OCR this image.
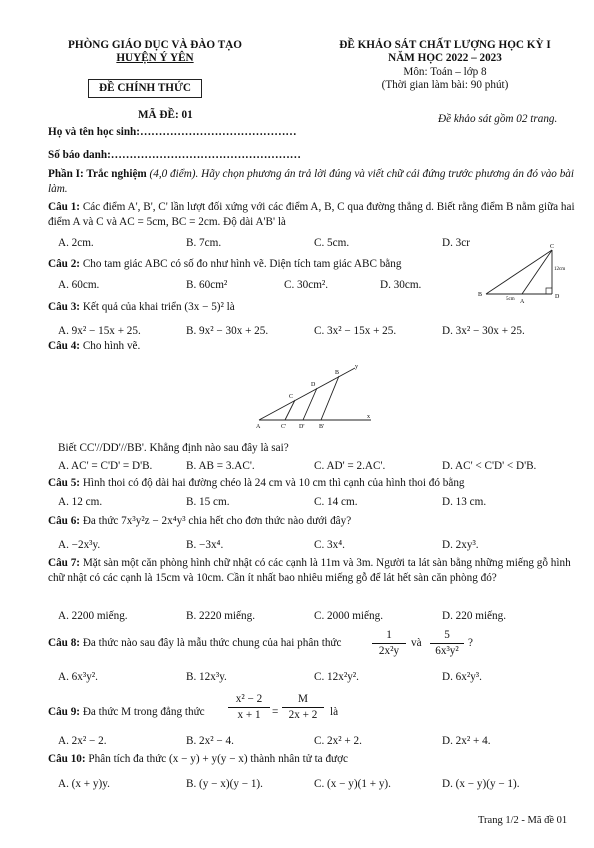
PHÒNG GIÁO DỤC VÀ ĐÀO TẠO
HUYỆN Ý YÊN
ĐỀ CHÍNH THỨC
ĐỀ KHẢO SÁT CHẤT LƯỢNG HỌC KỲ I
NĂM HỌC 2022 – 2023
Môn: Toán – lớp 8
(Thời gian làm bài: 90 phút)
MÃ ĐỀ: 01	Đề khảo sát gồm 02 trang.
Họ và tên học sinh:……………………………………
Số báo danh:……………………………………………
Phần I: Trắc nghiệm (4,0 điểm). Hãy chọn phương án trả lời đúng và viết chữ cái đứng trước phương án đó vào bài làm.
Câu 1: Các điểm A', B', C' lần lượt đối xứng với các điểm A, B, C qua đường thẳng d. Biết rằng điểm B nằm giữa hai điểm A và C và AC = 5cm, BC = 2cm. Độ dài A'B' là
A. 2cm.	B. 7cm.	C. 5cm.	D. 3cr
Câu 2: Cho tam giác ABC có số đo như hình vẽ. Diện tích tam giác ABC bằng
A. 60cm.	B. 60cm²	C. 30cm².	D. 30cm.
C
B
A
D
12cm
5cm
Câu 3: Kết quả của khai triển (3x − 5)² là
A. 9x² − 15x + 25.	B. 9x² − 30x + 25.	C. 3x² − 15x + 25.	D. 3x² − 30x + 25.
Câu 4: Cho hình vẽ.
A	C' D' B'
C
D
B
y
x
Biết CC'//DD'//BB'. Khẳng định nào sau đây là sai?
A. AC' = C'D' = D'B.	B. AB = 3.AC'.	C. AD' = 2.AC'.	D. AC' < C'D' < D'B.
Câu 5: Hình thoi có độ dài hai đường chéo là 24 cm và 10 cm thì cạnh của hình thoi đó bằng
A. 12 cm.	B. 15 cm.	C. 14 cm.	D. 13 cm.
Câu 6: Đa thức 7x³y²z − 2x⁴y³ chia hết cho đơn thức nào dưới đây?
A. −2x³y.	B. −3x⁴.	C. 3x⁴.	D. 2xy³.
Câu 7: Mặt sàn một căn phòng hình chữ nhật có các cạnh là 11m và 3m. Người ta lát sàn bằng những miếng gỗ hình chữ nhật có các cạnh là 15cm và 10cm. Cần ít nhất bao nhiêu miếng gỗ để lát hết sàn căn phòng đó?
A. 2200 miếng.	B. 2220 miếng.	C. 2000 miếng.	D. 220 miếng.
Câu 8: Đa thức nào sau đây là mẫu thức chung của hai phân thức
1
2x²y
và
5
6x³y²
?
A. 6x³y².	B. 12x³y.	C. 12x²y².	D. 6x²y³.
Câu 9: Đa thức M trong đẳng thức
x² − 2
x + 1	=
M
2x + 2	là
A. 2x² − 2.	B. 2x² − 4.	C. 2x² + 2.	D. 2x² + 4.
Câu 10: Phân tích đa thức (x − y) + y(y − x) thành nhân tử ta được
A. (x + y)y.	B. (y − x)(y − 1).	C. (x − y)(1 + y).	D. (x − y)(y − 1).
Trang 1/2 - Mã đề 01
